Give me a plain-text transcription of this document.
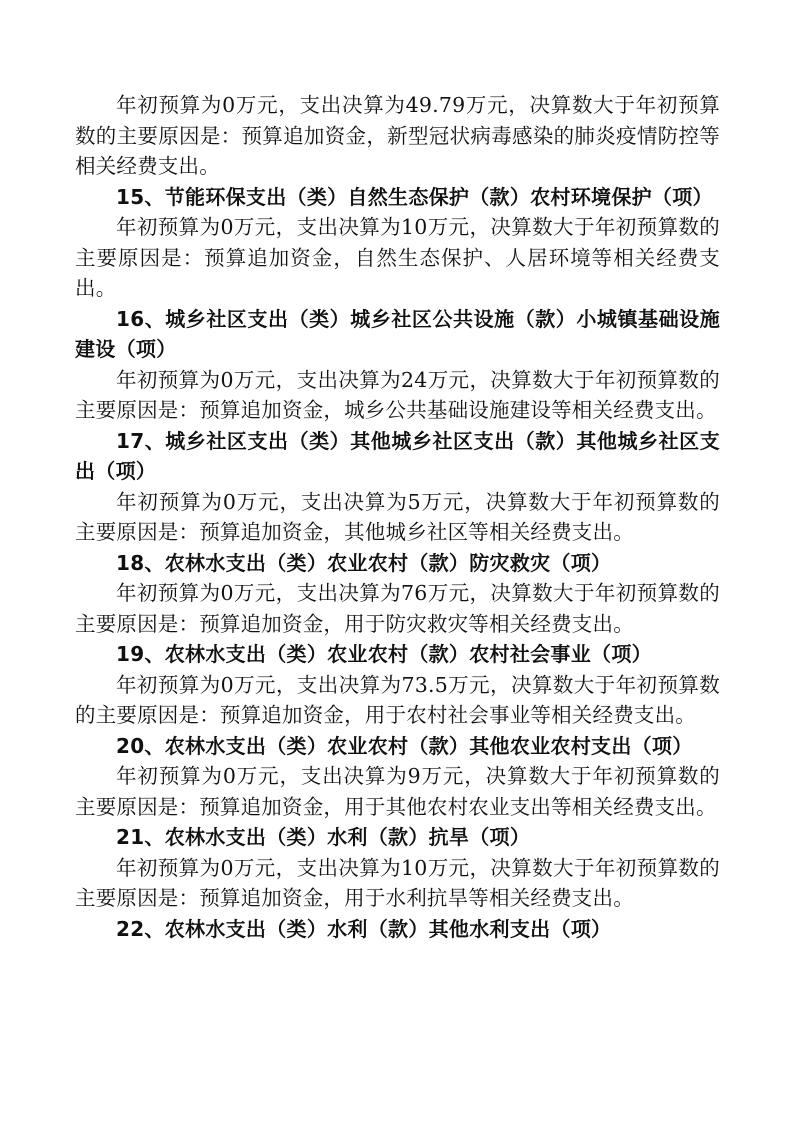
年初预算为0万元，支出决算为49.79万元，决算数大于年初预算数的主要原因是：预算追加资金，新型冠状病毒感染的肺炎疫情防控等相关经费支出。

15、节能环保支出（类）自然生态保护（款）农村环境保护（项）

年初预算为0万元，支出决算为10万元，决算数大于年初预算数的主要原因是：预算追加资金，自然生态保护、人居环境等相关经费支出。

16、城乡社区支出（类）城乡社区公共设施（款）小城镇基础设施建设（项）

年初预算为0万元，支出决算为24万元，决算数大于年初预算数的主要原因是：预算追加资金，城乡公共基础设施建设等相关经费支出。

17、城乡社区支出（类）其他城乡社区支出（款）其他城乡社区支出（项）

年初预算为0万元，支出决算为5万元，决算数大于年初预算数的主要原因是：预算追加资金，其他城乡社区等相关经费支出。

18、农林水支出（类）农业农村（款）防灾救灾（项）

年初预算为0万元，支出决算为76万元，决算数大于年初预算数的主要原因是：预算追加资金，用于防灾救灾等相关经费支出。

19、农林水支出（类）农业农村（款）农村社会事业（项）

年初预算为0万元，支出决算为73.5万元，决算数大于年初预算数的主要原因是：预算追加资金，用于农村社会事业等相关经费支出。

20、农林水支出（类）农业农村（款）其他农业农村支出（项）

年初预算为0万元，支出决算为9万元，决算数大于年初预算数的主要原因是：预算追加资金，用于其他农村农业支出等相关经费支出。

21、农林水支出（类）水利（款）抗旱（项）

年初预算为0万元，支出决算为10万元，决算数大于年初预算数的主要原因是：预算追加资金，用于水利抗旱等相关经费支出。

22、农林水支出（类）水利（款）其他水利支出（项）
